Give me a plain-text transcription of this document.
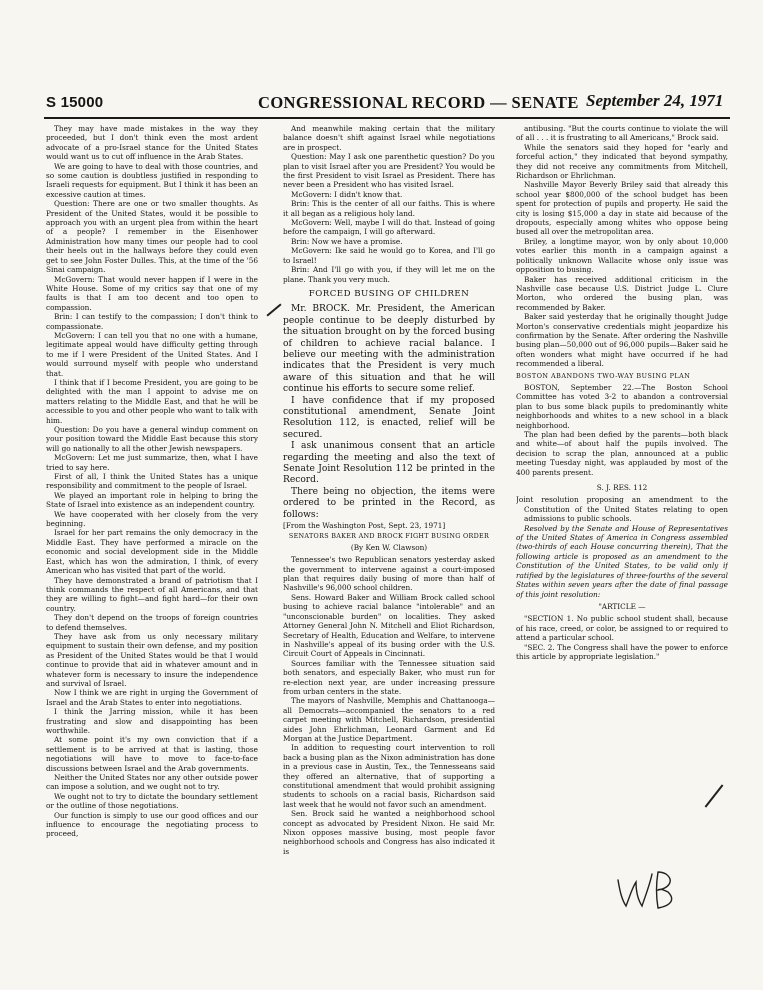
S 15000	CONGRESSIONAL RECORD — SENATE September 24, 1971

They may have made mistakes in the way they proceeded, but I don't think even the most ardent advocate of a pro-Israel stance for the United States would want us to cut off influence in the Arab States.

We are going to have to deal with those countries, and so some caution is doubtless justified in responding to Israeli requests for equipment. But I think it has been an excessive caution at times.

Question: There are one or two smaller thoughts. As President of the United States, would it be possible to approach you with an urgent plea from within the heart of a people? I remember in the Eisenhower Administration how many times our people had to cool their heels out in the hallways before they could even get to see John Foster Dulles. This, at the time of the '56 Sinai campaign.

McGovern: That would never happen if I were in the White House. Some of my critics say that one of my faults is that I am too decent and too open to compassion.

Brin: I can testify to the compassion; I don't think to compassionate.

McGovern: I can tell you that no one with a humane, legitimate appeal would have difficulty getting through to me if I were President of the United States. And I would surround myself with people who understand that.

I think that if I become President, you are going to be delighted with the man I appoint to advise me on matters relating to the Middle East, and that he will be accessible to you and other people who want to talk with him.

Question: Do you have a general windup comment on your position toward the Middle East because this story will go nationally to all the other Jewish newspapers.

McGovern: Let me just summarize, then, what I have tried to say here.

First of all, I think the United States has a unique responsibility and commitment to the people of Israel.

We played an important role in helping to bring the State of Israel into existence as an independent country.

We have cooperated with her closely from the very beginning.

Israel for her part remains the only democracy in the Middle East. They have performed a miracle on the economic and social development side in the Middle East, which has won the admiration, I think, of every American who has visited that part of the world.

They have demonstrated a brand of patriotism that I think commands the respect of all Americans, and that they are willing to fight—and fight hard—for their own country.

They don't depend on the troops of foreign countries to defend themselves.

They have ask from us only necessary military equipment to sustain their own defense, and my position as President of the United States would be that I would continue to provide that aid in whatever amount and in whatever form is necessary to insure the independence and survival of Israel.

Now I think we are right in urging the Government of Israel and the Arab States to enter into negotiations.

I think the Jarring mission, while it has been frustrating and slow and disappointing has been worthwhile.

At some point it's my own conviction that if a settlement is to be arrived at that is lasting, those negotiations will have to move to face-to-face discussions between Israel and the Arab governments.

Neither the United States nor any other outside power can impose a solution, and we ought not to try.

We ought not to try to dictate the boundary settlement or the outline of those negotiations.

Our function is simply to use our good offices and our influence to encourage the negotiating process to proceed,

And meanwhile making certain that the military balance doesn't shift against Israel while negotiations are in prospect.

Question: May I ask one parenthetic question? Do you plan to visit Israel after you are President? You would be the first President to visit Israel as President. There has never been a President who has visited Israel.

McGovern: I didn't know that.

Brin: This is the center of all our faiths. This is where it all began as a religious holy land.

McGovern: Well, maybe I will do that. Instead of going before the campaign, I will go afterward.

Brin: Now we have a promise.

McGovern: Ike said he would go to Korea, and I'll go to Israel!

Brin: And I'll go with you, if they will let me on the plane. Thank you very much.

FORCED BUSING OF CHILDREN

Mr. BROCK. Mr. President, the American people continue to be deeply disturbed by the situation brought on by the forced busing of children to achieve racial balance. I believe our meeting with the administration indicates that the President is very much aware of this situation and that he will continue his efforts to secure some relief.

I have confidence that if my proposed constitutional amendment, Senate Joint Resolution 112, is enacted, relief will be secured.

I ask unanimous consent that an article regarding the meeting and also the text of Senate Joint Resolution 112 be printed in the Record.

There being no objection, the items were ordered to be printed in the Record, as follows:

[From the Washington Post, Sept. 23, 1971]

SENATORS BAKER AND BROCK FIGHT BUSING ORDER
(By Ken W. Clawson)

Tennessee's two Republican senators yesterday asked the government to intervene against a court-imposed plan that requires daily busing of more than half of Nashville's 96,000 school children.

Sens. Howard Baker and William Brock called school busing to achieve racial balance "intolerable" and an "unconscionable burden" on localities. They asked Attorney General John N. Mitchell and Eliot Richardson, Secretary of Health, Education and Welfare, to intervene in Nashville's appeal of its busing order with the U.S. Circuit Court of Appeals in Cincinnati.

Sources familiar with the Tennessee situation said both senators, and especially Baker, who must run for re-election next year, are under increasing pressure from urban centers in the state.

The mayors of Nashville, Memphis and Chattanooga—all Democrats—accompanied the senators to a red carpet meeting with Mitchell, Richardson, presidential aides John Ehrlichman, Leonard Garment and Ed Morgan at the Justice Department.

In addition to requesting court intervention to roll back a busing plan as the Nixon administration has done in a previous case in Austin, Tex., the Tennesseans said they offered an alternative, that of supporting a constitutional amendment that would prohibit assigning students to schools on a racial basis, Richardson said last week that he would not favor such an amendment.

Sen. Brock said he wanted a neighborhood school concept as advocated by President Nixon. He said Mr. Nixon opposes massive busing, most people favor neighborhood schools and Congress has also indicated it is

antibusing. "But the courts continue to violate the will of all . . . it is frustrating to all Americans," Brock said.

While the senators said they hoped for "early and forceful action," they indicated that beyond sympathy, they did not receive any commitments from Mitchell, Richardson or Ehrlichman.

Nashville Mayor Beverly Briley said that already this school year $800,000 of the school budget has been spent for protection of pupils and property. He said the city is losing $15,000 a day in state aid because of the dropouts, especially among whites who oppose being bused all over the metropolitan area.

Briley, a longtime mayor, won by only about 10,000 votes earlier this month in a campaign against a politically unknown Wallacite whose only issue was opposition to busing.

Baker has received additional criticism in the Nashville case because U.S. District Judge L. Clure Morton, who ordered the busing plan, was recommended by Baker.

Baker said yesterday that he originally thought Judge Morton's conservative credentials might jeopardize his confirmation by the Senate. After ordering the Nashville busing plan—50,000 out of 96,000 pupils—Baker said he often wonders what might have occurred if he had recommended a liberal.

BOSTON ABANDONS TWO-WAY BUSING PLAN

BOSTON, September 22.—The Boston School Committee has voted 3-2 to abandon a controversial plan to bus some black pupils to predominantly white neighborhoods and whites to a new school in a black neighborhood.

The plan had been defied by the parents—both black and white—of about half the pupils involved. The decision to scrap the plan, announced at a public meeting Tuesday night, was applauded by most of the 400 parents present.

S. J. RES. 112

Joint resolution proposing an amendment to the Constitution of the United States relating to open admissions to public schools.

Resolved by the Senate and House of Representatives of the United States of America in Congress assembled (two-thirds of each House concurring therein), That the following article is proposed as an amendment to the Constitution of the United States, to be valid only if ratified by the legislatures of three-fourths of the several States within seven years after the date of final passage of this joint resolution:

"ARTICLE —

"SECTION 1. No public school student shall, because of his race, creed, or color, be assigned to or required to attend a particular school.

"SEC. 2. The Congress shall have the power to enforce this article by appropriate legislation."
